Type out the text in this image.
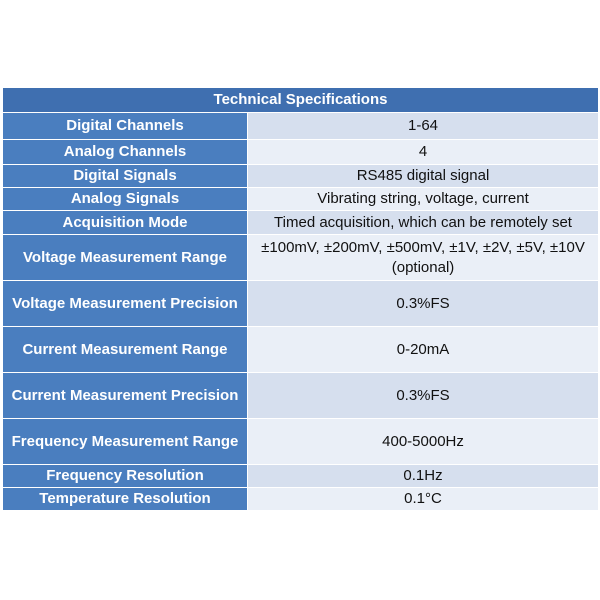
Technical Specifications	
Digital Channels	1-64
Analog Channels	4
Digital Signals	RS485 digital signal
Analog Signals	Vibrating string, voltage, current
Acquisition Mode	Timed acquisition, which can be remotely set
Voltage Measurement Range	±100mV, ±200mV, ±500mV, ±1V, ±2V, ±5V, ±10V (optional)
Voltage Measurement Precision	0.3%FS
Current Measurement Range	0-20mA
Current Measurement Precision	0.3%FS
Frequency Measurement Range	400-5000Hz
Frequency Resolution	0.1Hz
Temperature Resolution	0.1°C
